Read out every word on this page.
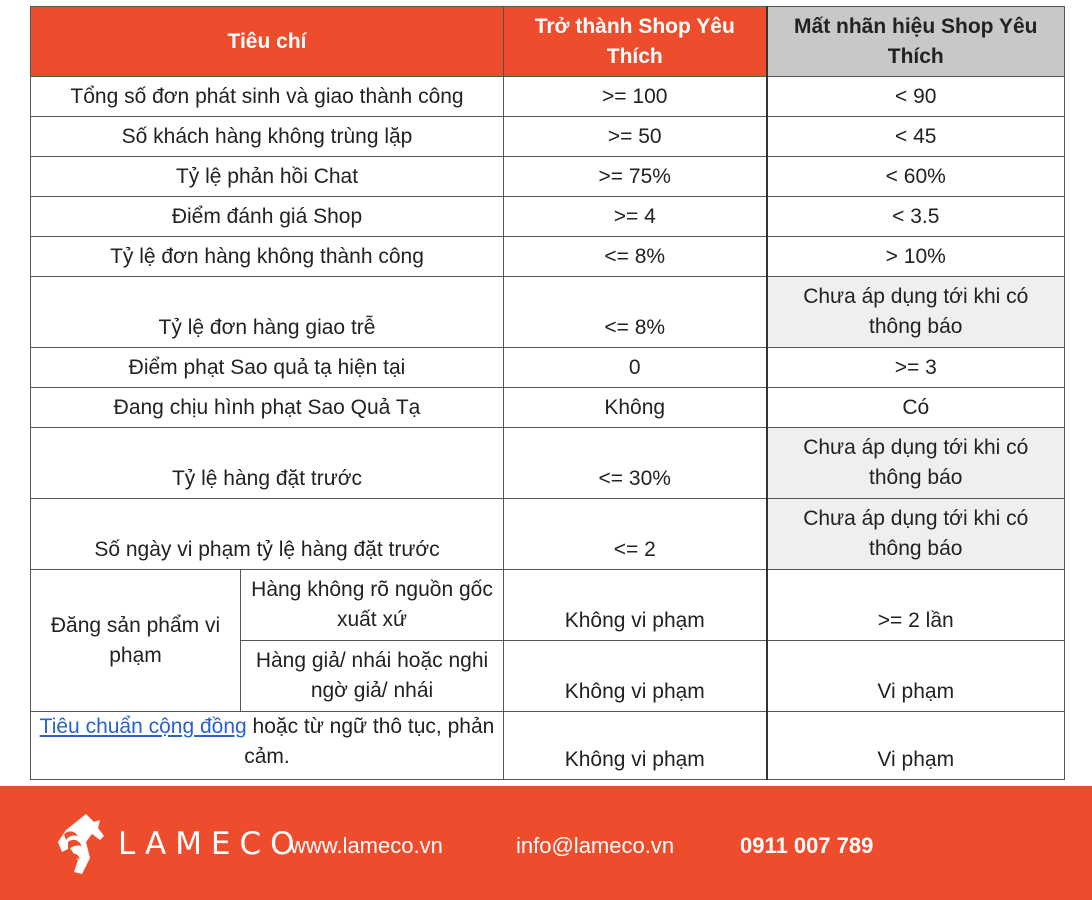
Tiêu chí		Trở thành Shop Yêu Thích	Mất nhãn hiệu Shop Yêu Thích
Tổng số đơn phát sinh và giao thành công		>= 100	< 90
Số khách hàng không trùng lặp		>= 50	< 45
Tỷ lệ phản hồi Chat		>= 75%	< 60%
Điểm đánh giá Shop		>= 4	< 3.5
Tỷ lệ đơn hàng không thành công		<= 8%	> 10%
Tỷ lệ đơn hàng giao trễ		<= 8%	Chưa áp dụng tới khi có thông báo
Điểm phạt Sao quả tạ hiện tại		0	>= 3
Đang chịu hình phạt Sao Quả Tạ		Không	Có
Tỷ lệ hàng đặt trước		<= 30%	Chưa áp dụng tới khi có thông báo
Số ngày vi phạm tỷ lệ hàng đặt trước		<= 2	Chưa áp dụng tới khi có thông báo
Đăng sản phẩm vi phạm	Hàng không rõ nguồn gốc xuất xứ	Không vi phạm	>= 2 lần
	Hàng giả/ nhái hoặc nghi ngờ giả/ nhái	Không vi phạm	Vi phạm
Tiêu chuẩn cộng đồng hoặc từ ngữ thô tục, phản cảm.		Không vi phạm	Vi phạm
LAMECO
www.lameco.vn	info@lameco.vn	0911 007 789
